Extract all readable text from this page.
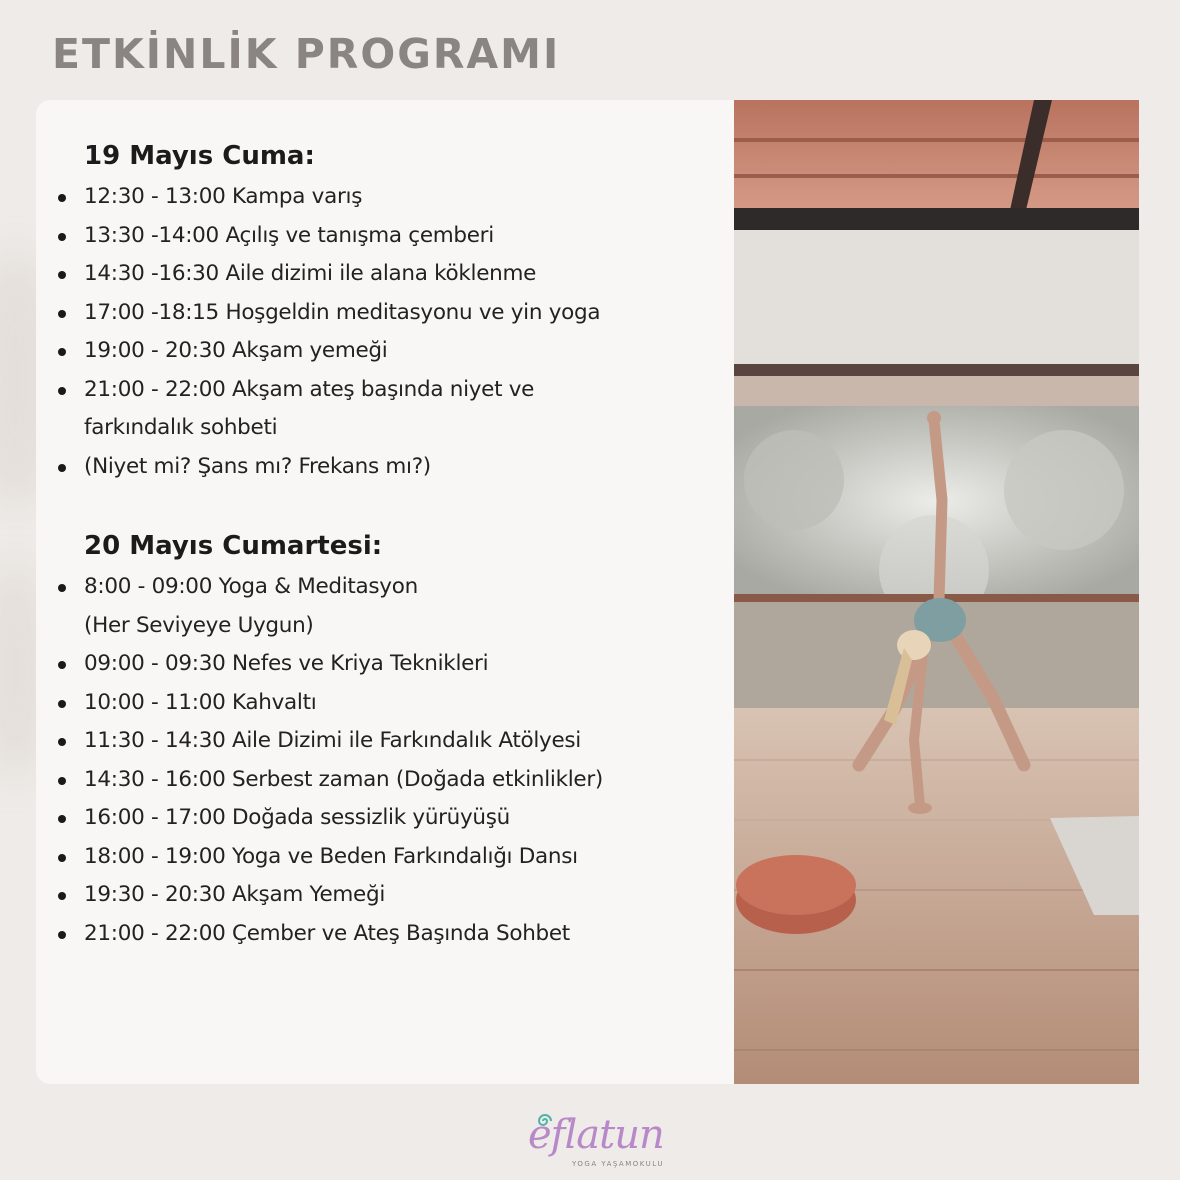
ETKİNLİK PROGRAMI
19 Mayıs Cuma:
12:30 - 13:00 Kampa varış
13:30 -14:00 Açılış ve tanışma çemberi
14:30 -16:30 Aile dizimi ile alana köklenme
17:00 -18:15 Hoşgeldin meditasyonu ve yin yoga
19:00 - 20:30 Akşam yemeği
21:00 - 22:00 Akşam ateş başında niyet ve
farkındalık sohbeti
(Niyet mi? Şans mı? Frekans mı?)
20 Mayıs Cumartesi:
8:00 - 09:00 Yoga & Meditasyon
(Her Seviyeye Uygun)
09:00 - 09:30 Nefes ve Kriya Teknikleri
10:00 - 11:00 Kahvaltı
11:30 - 14:30 Aile Dizimi ile Farkındalık Atölyesi
14:30 - 16:00 Serbest zaman (Doğada etkinlikler)
16:00 - 17:00 Doğada sessizlik yürüyüşü
18:00 - 19:00 Yoga ve Beden Farkındalığı Dansı
19:30 - 20:30 Akşam Yemeği
21:00 - 22:00 Çember ve Ateş Başında Sohbet
eflatun
YOGA YAŞAMOKULU
